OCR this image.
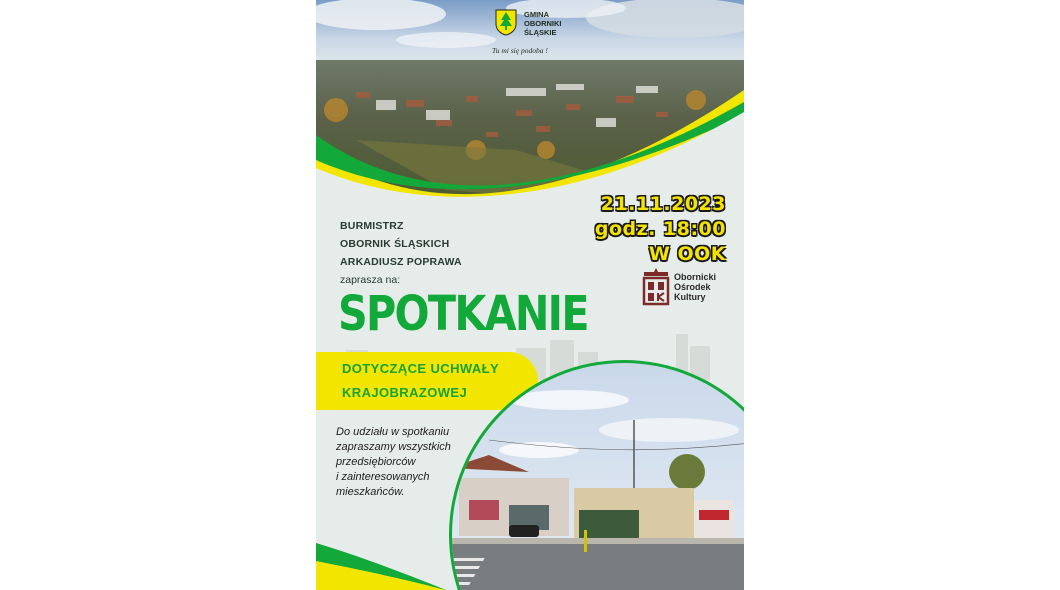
GMINA
OBORNIKI
ŚLĄSKIE
Tu mi się podoba !
21.11.2023
godz. 18:00
W OOK
BURMISTRZ
OBORNIK ŚLĄSKICH
ARKADIUSZ POPRAWA
zaprasza na:	Obornicki
Ośrodek
Kultury
SPOTKANIE
DOTYCZĄCE UCHWAŁY
KRAJOBRAZOWEJ
Do udziału w spotkaniu
zapraszamy wszystkich
przedsiębiorców
i zainteresowanych
mieszkańców.
